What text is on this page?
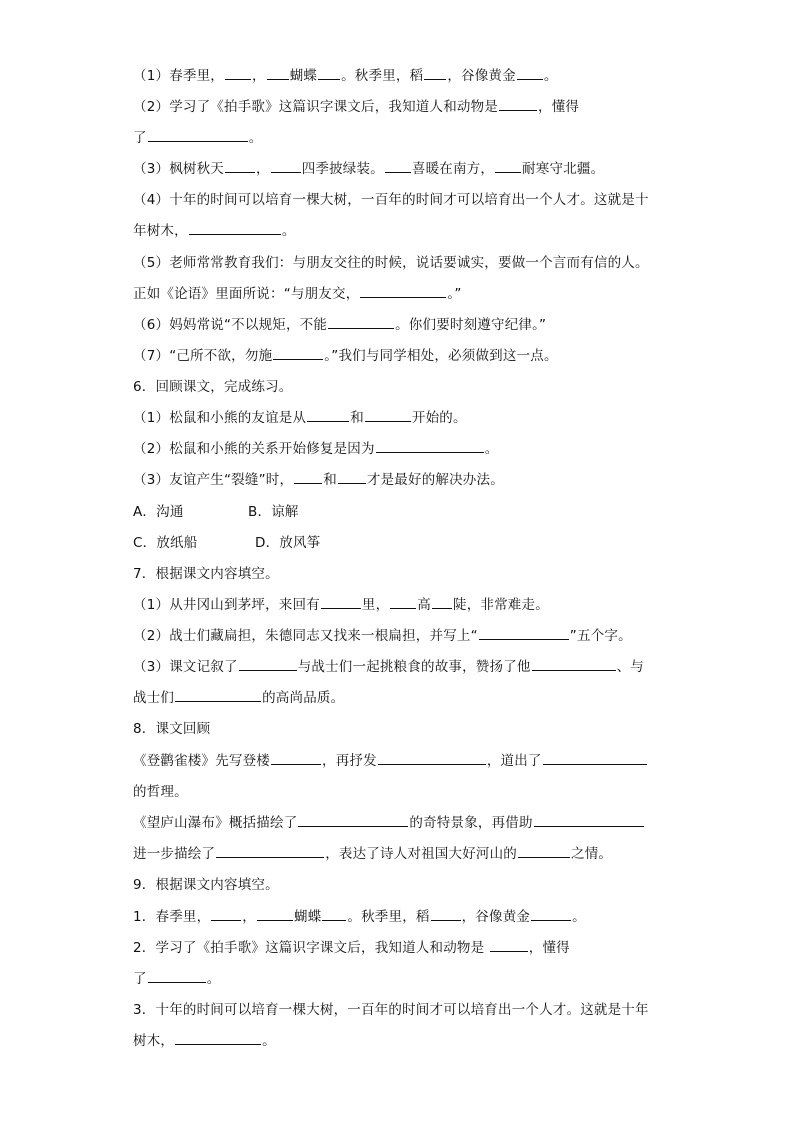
（1）春季里， ， 蝴蝶 。秋季里，稻 ，谷像黄金 。
（2）学习了《拍手歌》这篇识字课文后，我知道人和动物是	，懂得
了	。
（3）枫树秋天 ， 四季披绿装。 喜暖在南方， 耐寒守北疆。
（4）十年的时间可以培育一棵大树，一百年的时间才可以培育出一个人才。这就是十
年树木，	。
（5）老师常常教育我们：与朋友交往的时候，说话要诚实，要做一个言而有信的人。
正如《论语》里面所说：“与朋友交，	。”
（6）妈妈常说“不以规矩，不能	。你们要时刻遵守纪律。”
（7）“己所不欲，勿施	。”我们与同学相处，必须做到这一点。
6．回顾课文，完成练习。
（1）松鼠和小熊的友谊是从	和	开始的。
（2）松鼠和小熊的关系开始修复是因为	。
（3）友谊产生“裂缝”时， 和 才是最好的解决办法。
A．沟通	B．谅解
C．放纸船	D．放风筝
7．根据课文内容填空。
（1）从井冈山到茅坪，来回有	里， 高 陡，非常难走。
（2）战士们藏扁担，朱德同志又找来一根扁担，并写上“	”五个字。
（3）课文记叙了	与战士们一起挑粮食的故事，赞扬了他	、与
战士们	的高尚品质。
8．课文回顾
《登鹳雀楼》先写登楼	，再抒发	，道出了
的哲理。
《望庐山瀑布》概括描绘了	的奇特景象，再借助
进一步描绘了	，表达了诗人对祖国大好河山的	之情。
9．根据课文内容填空。
1．春季里， ，	蝴蝶 。秋季里，稻 ，谷像黄金	。
2．学习了《拍手歌》这篇识字课文后，我知道人和动物是	，懂得
了	。
3．十年的时间可以培育一棵大树，一百年的时间才可以培育出一个人才。这就是十年
树木，	。
